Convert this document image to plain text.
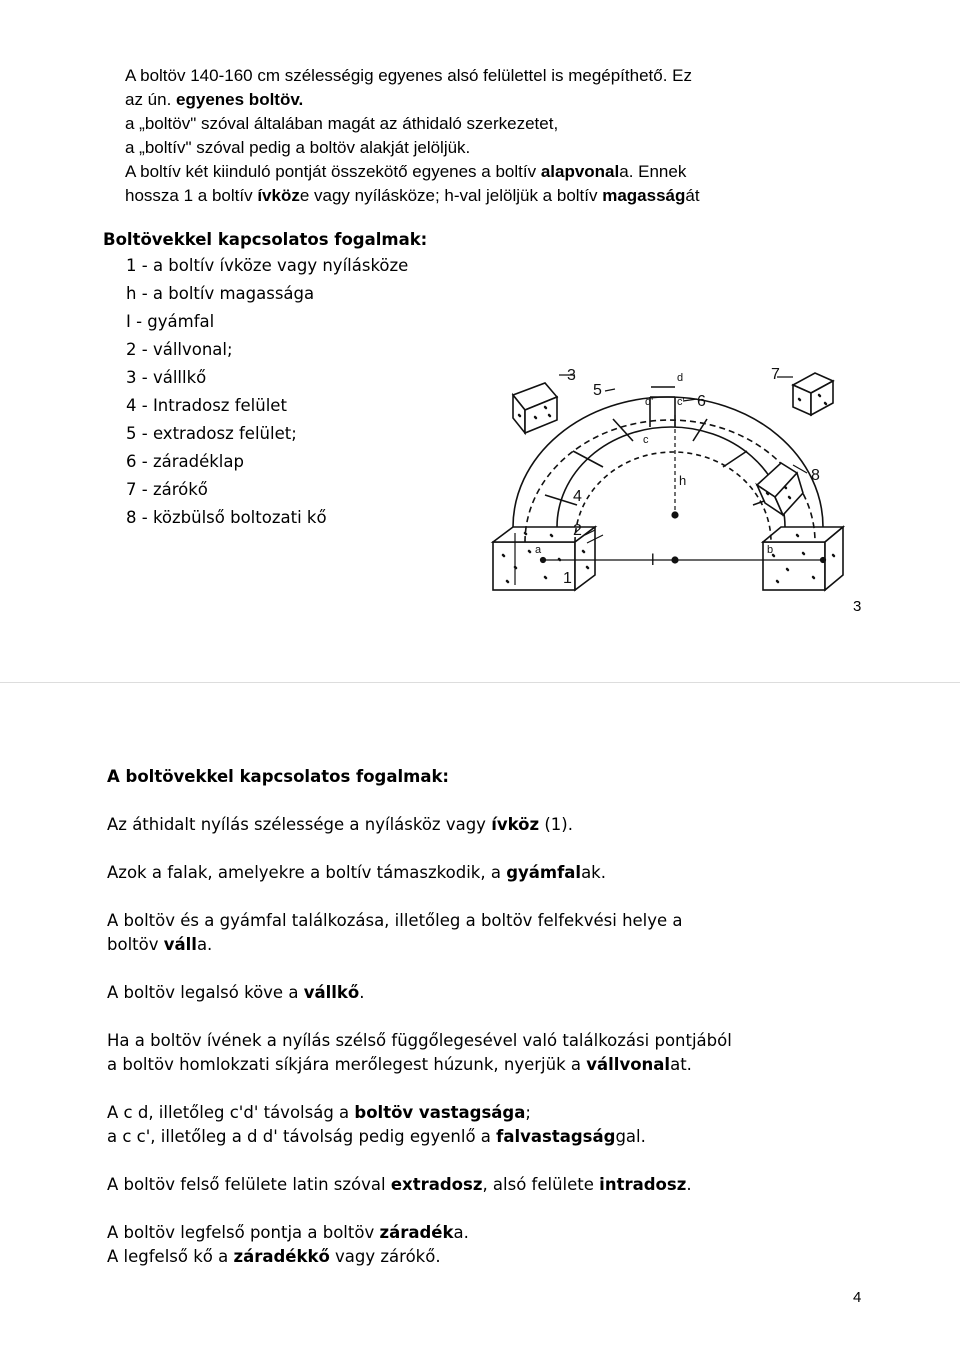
A boltöv 140-160 cm szélességig egyenes alsó felülettel is megépíthető. Ez
az ún. egyenes boltöv.
a „boltöv" szóval általában magát az áthidaló szerkezetet,
a „boltív" szóval pedig a boltöv alakját jelöljük.
A boltív két kiinduló pontját összekötő egyenes a boltív alapvonala. Ennek
hossza 1 a boltív ívköze vagy nyílásköze; h-val jelöljük a boltív magasságát
Boltövekkel kapcsolatos fogalmak:
1 - a boltív ívköze vagy nyílásköze
h - a boltív magassága
I - gyámfal
2 - vállvonal;
3 - válllkő
4 - Intradosz felület
5 - extradosz felület;
6 - záradéklap
7 - zárókő
8 - közbülső boltozati kő
3
5
6
7
8
4
2
1
l
h
a	b
c
c'
d
d'
3
A boltövekkel kapcsolatos fogalmak:
Az áthidalt nyílás szélessége a nyílásköz vagy ívköz (1).
Azok a falak, amelyekre a boltív támaszkodik, a gyámfalak.
A boltöv és a gyámfal találkozása, illetőleg a boltöv felfekvési helye a
boltöv válla.
A boltöv legalsó köve a vállkő.
Ha a boltöv ívének a nyílás szélső függőlegesével való találkozási pontjából
a boltöv homlokzati síkjára merőlegest húzunk, nyerjük a vállvonalat.
A c d, illetőleg c'd' távolság a boltöv vastagsága;
a c c', illetőleg a d d' távolság pedig egyenlő a falvastagsággal.
A boltöv felső felülete latin szóval extradosz, alsó felülete intradosz.
A boltöv legfelső pontja a boltöv záradéka.
A legfelső kő a záradékkő vagy zárókő.
4
